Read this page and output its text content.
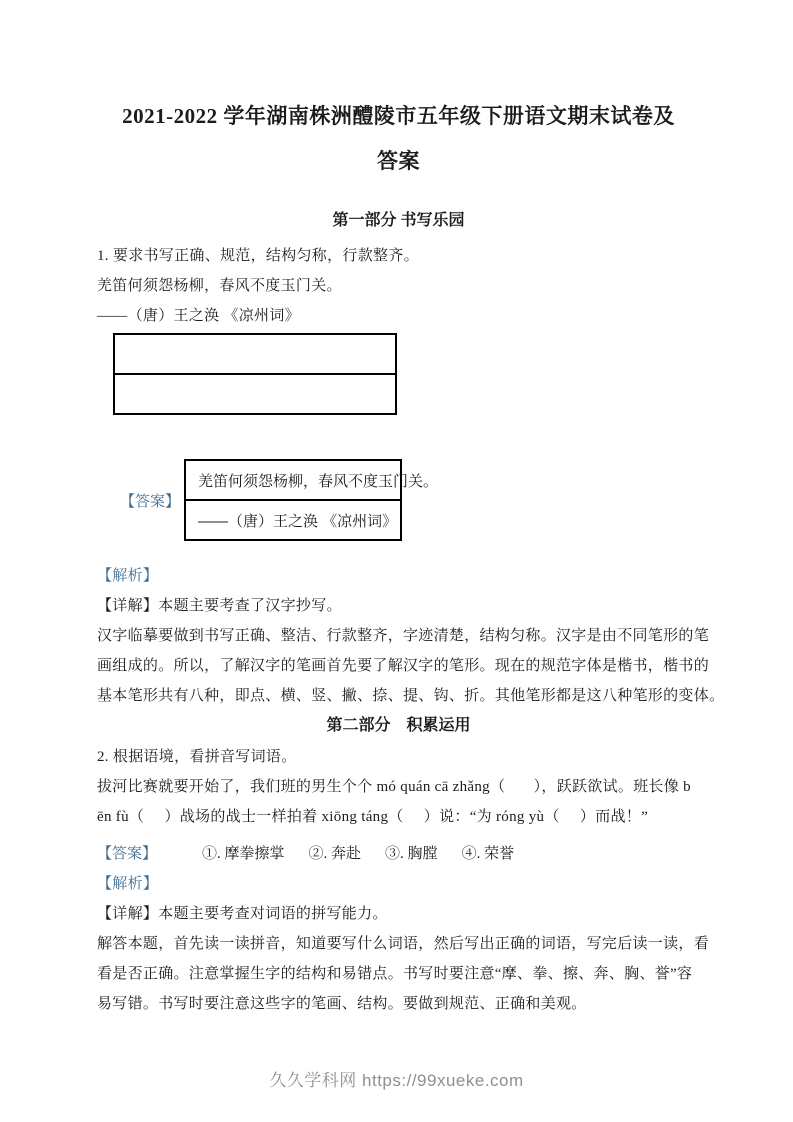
2021-2022 学年湖南株洲醴陵市五年级下册语文期末试卷及
答案
第一部分 书写乐园
1. 要求书写正确、规范，结构匀称，行款整齐。
羌笛何须怨杨柳，春风不度玉门关。
——（唐）王之涣 《凉州词》
【答案】
羌笛何须怨杨柳，春风不度玉门关。
——（唐）王之涣 《凉州词》
【解析】
【详解】本题主要考查了汉字抄写。
汉字临摹要做到书写正确、整洁、行款整齐，字迹清楚，结构匀称。汉字是由不同笔形的笔
画组成的。所以，了解汉字的笔画首先要了解汉字的笔形。现在的规范字体是楷书，楷书的
基本笔形共有八种，即点、横、竖、撇、捺、提、钩、折。其他笔形都是这八种笔形的变体。
第二部分　积累运用
2. 根据语境，看拼音写词语。
拔河比赛就要开始了，我们班的男生个个 mó quán cā zhǎng（       ），跃跃欲试。班长像 b
ēn fù（     ）战场的战士一样拍着 xiōng táng（     ）说：“为 róng yù（     ）而战！”
【答案】	①. 摩拳擦掌 ②. 奔赴 ③. 胸膛 ④. 荣誉
【解析】
【详解】本题主要考查对词语的拼写能力。
解答本题，首先读一读拼音，知道要写什么词语，然后写出正确的词语，写完后读一读，看
看是否正确。注意掌握生字的结构和易错点。书写时要注意“摩、拳、擦、奔、胸、誉”容
易写错。书写时要注意这些字的笔画、结构。要做到规范、正确和美观。
久久学科网 https://99xueke.com
